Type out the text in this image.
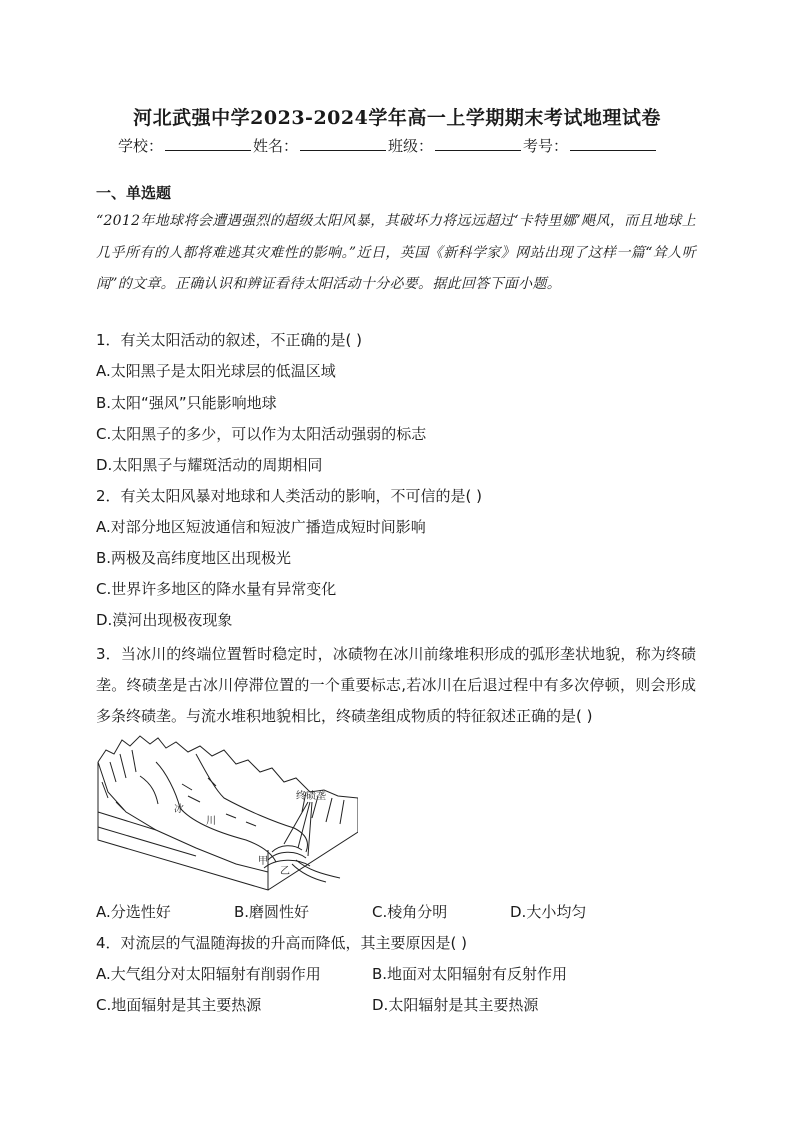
河北武强中学2023-2024学年高一上学期期末考试地理试卷
学校：	姓名：	班级：	考号：
一、单选题
“2012年地球将会遭遇强烈的超级太阳风暴，其破坏力将远远超过‘卡特里娜’飓风，而且地球上几乎所有的人都将难逃其灾难性的影响。”近日，英国《新科学家》网站出现了这样一篇“耸人听闻”的文章。正确认识和辨证看待太阳活动十分必要。据此回答下面小题。
1．有关太阳活动的叙述，不正确的是( )
A.太阳黑子是太阳光球层的低温区域
B.太阳“强风”只能影响地球
C.太阳黑子的多少，可以作为太阳活动强弱的标志
D.太阳黑子与耀斑活动的周期相同
2．有关太阳风暴对地球和人类活动的影响，不可信的是( )
A.对部分地区短波通信和短波广播造成短时间影响
B.两极及高纬度地区出现极光
C.世界许多地区的降水量有异常变化
D.漠河出现极夜现象
3．当冰川的终端位置暂时稳定时，冰碛物在冰川前缘堆积形成的弧形垄状地貌，称为终碛垄。终碛垄是古冰川停滞位置的一个重要标志,若冰川在后退过程中有多次停顿，则会形成多条终碛垄。与流水堆积地貌相比，终碛垄组成物质的特征叙述正确的是( )
终碛垄
冰
川
甲
乙
A.分选性好	B.磨圆性好	C.棱角分明	D.大小均匀
4．对流层的气温随海拔的升高而降低，其主要原因是( )
A.大气组分对太阳辐射有削弱作用	B.地面对太阳辐射有反射作用
C.地面辐射是其主要热源	D.太阳辐射是其主要热源
